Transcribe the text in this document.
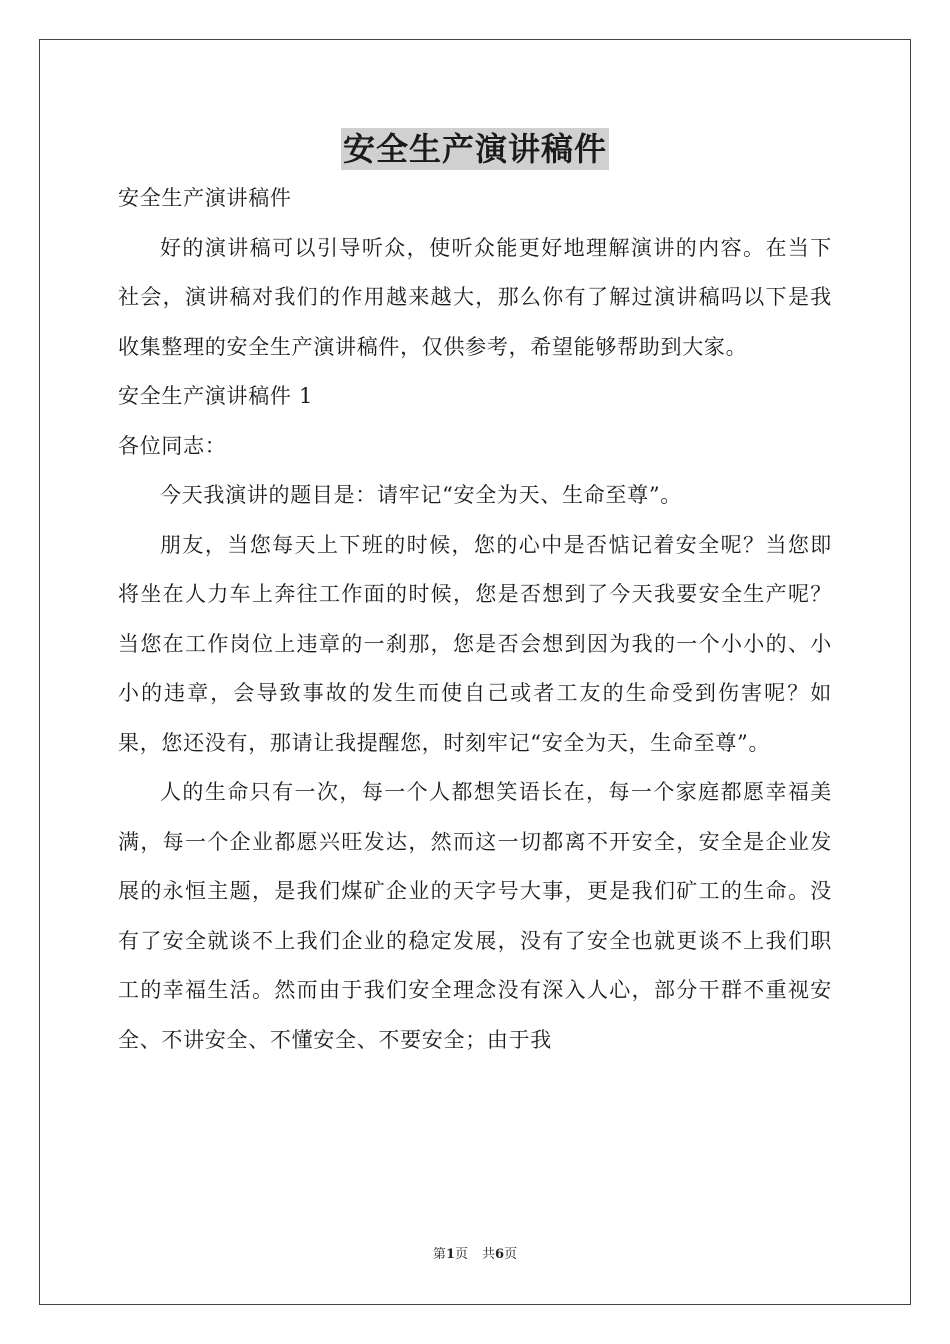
安全生产演讲稿件

安全生产演讲稿件

好的演讲稿可以引导听众，使听众能更好地理解演讲的内容。在当下社会，演讲稿对我们的作用越来越大，那么你有了解过演讲稿吗以下是我收集整理的安全生产演讲稿件，仅供参考，希望能够帮助到大家。

安全生产演讲稿件 1

各位同志：

今天我演讲的题目是：请牢记“安全为天、生命至尊”。

朋友，当您每天上下班的时候，您的心中是否惦记着安全呢？当您即将坐在人力车上奔往工作面的时候，您是否想到了今天我要安全生产呢？当您在工作岗位上违章的一刹那，您是否会想到因为我的一个小小的、小小的违章，会导致事故的发生而使自己或者工友的生命受到伤害呢？如果，您还没有，那请让我提醒您，时刻牢记“安全为天，生命至尊”。

人的生命只有一次，每一个人都想笑语长在，每一个家庭都愿幸福美满，每一个企业都愿兴旺发达，然而这一切都离不开安全，安全是企业发展的永恒主题，是我们煤矿企业的天字号大事，更是我们矿工的生命。没有了安全就谈不上我们企业的稳定发展，没有了安全也就更谈不上我们职工的幸福生活。然而由于我们安全理念没有深入人心，部分干群不重视安全、不讲安全、不懂安全、不要安全；由于我

第1页 共6页
